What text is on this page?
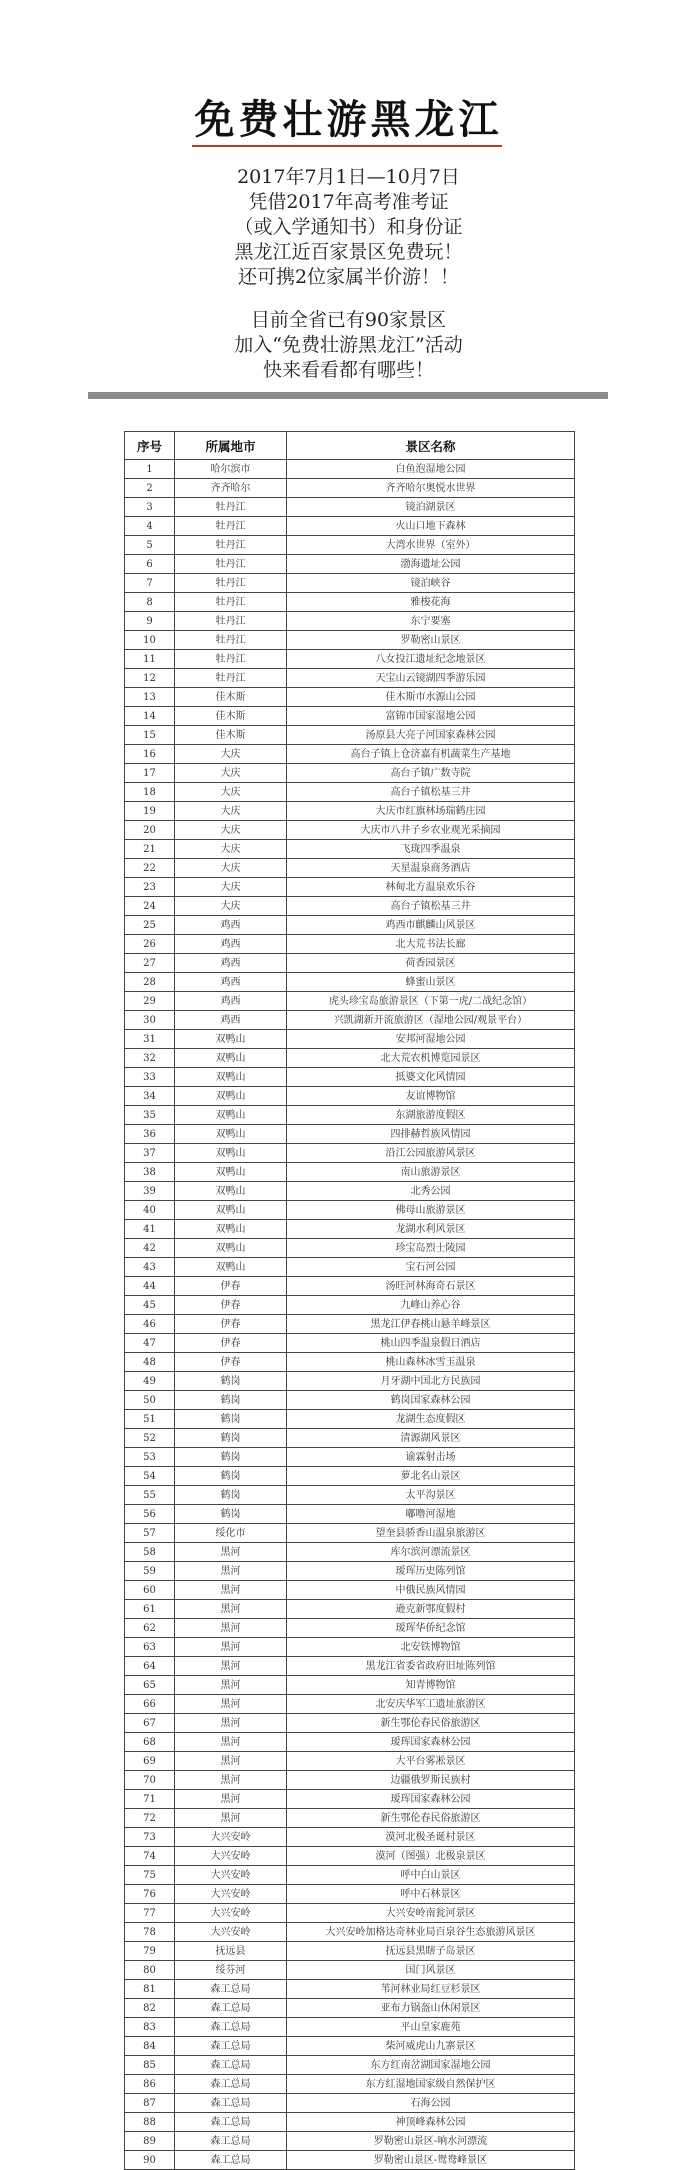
免费壮游黑龙江

2017年7月1日—10月7日

凭借2017年高考准考证

（或入学通知书）和身份证

黑龙江近百家景区免费玩！

还可携2位家属半价游！！

目前全省已有90家景区

加入“免费壮游黑龙江”活动

快来看看都有哪些！

序号	所属地市	景区名称
1	哈尔滨市	白鱼泡湿地公园
2	齐齐哈尔	齐齐哈尔奥悦水世界
3	牡丹江	镜泊湖景区
4	牡丹江	火山口地下森林
5	牡丹江	大湾水世界（室外）
6	牡丹江	渤海遗址公园
7	牡丹江	镜泊峡谷
8	牡丹江	雅梭花海
9	牡丹江	东宁要塞
10	牡丹江	罗勒密山景区
11	牡丹江	八女投江遗址纪念地景区
12	牡丹江	天宝山云镜湖四季游乐园
13	佳木斯	佳木斯市水源山公园
14	佳木斯	富锦市国家湿地公园
15	佳木斯	汤原县大亮子河国家森林公园
16	大庆	高台子镇上仓济嘉有机蔬菜生产基地
17	大庆	高台子镇广数寺院
18	大庆	高台子镇松基三井
19	大庆	大庆市红旗林场瑞鹤庄园
20	大庆	大庆市八井子乡农业观光采摘园
21	大庆	飞珑四季温泉
22	大庆	天星温泉商务酒店
23	大庆	林甸北方温泉欢乐谷
24	大庆	高台子镇松基三井
25	鸡西	鸡西市麒麟山风景区
26	鸡西	北大荒书法长廊
27	鸡西	荷香园景区
28	鸡西	蜂蜜山景区
29	鸡西	虎头珍宝岛旅游景区（下第一虎/二战纪念馆）
30	鸡西	兴凯湖新开流旅游区（湿地公园/观景平台）
31	双鸭山	安邦河湿地公园
32	双鸭山	北大荒农机博览园景区
33	双鸭山	抵婆文化风情园
34	双鸭山	友谊博物馆
35	双鸭山	东湖旅游度假区
36	双鸭山	四排赫哲族风情园
37	双鸭山	沿江公园旅游风景区
38	双鸭山	南山旅游景区
39	双鸭山	北秀公园
40	双鸭山	佛母山旅游景区
41	双鸭山	龙湖水利风景区
42	双鸭山	珍宝岛烈士陵园
43	双鸭山	宝石河公园
44	伊春	汤旺河林海奇石景区
45	伊春	九峰山养心谷
46	伊春	黑龙江伊春桃山悬羊峰景区
47	伊春	桃山四季温泉假日酒店
48	伊春	桃山森林冰雪玉温泉
49	鹤岗	月牙湖中国北方民族园
50	鹤岗	鹤岗国家森林公园
51	鹤岗	龙湖生态度假区
52	鹤岗	清源湖风景区
53	鹤岗	谕霖射击场
54	鹤岗	萝北名山景区
55	鹤岗	太平沟景区
56	鹤岗	嘟噜河湿地
57	绥化市	望奎县骄香山温泉旅游区
58	黑河	库尔滨河漂流景区
59	黑河	瑷珲历史陈列馆
60	黑河	中俄民族风情园
61	黑河	逊克新鄂度假村
62	黑河	瑷珲华侨纪念馆
63	黑河	北安铁博物馆
64	黑河	黑龙江省委省政府旧址陈列馆
65	黑河	知青博物馆
66	黑河	北安庆华军工遗址旅游区
67	黑河	新生鄂伦春民俗旅游区
68	黑河	瑷珲国家森林公园
69	黑河	大平台雾凇景区
70	黑河	边疆俄罗斯民族村
71	黑河	瑷珲国家森林公园
72	黑河	新生鄂伦春民俗旅游区
73	大兴安岭	漠河北极圣诞村景区
74	大兴安岭	漠河（图强）北极泉景区
75	大兴安岭	呼中白山景区
76	大兴安岭	呼中石林景区
77	大兴安岭	大兴安岭南瓮河景区
78	大兴安岭	大兴安岭加格达奇林业局百泉谷生态旅游风景区
79	抚远县	抚远县黑瞎子岛景区
80	绥芬河	国门风景区
81	森工总局	苇河林业局红豆杉景区
82	森工总局	亚布力锅盔山休闲景区
83	森工总局	平山皇家鹿苑
84	森工总局	柴河威虎山九寨景区
85	森工总局	东方红南岔湖国家湿地公园
86	森工总局	东方红湿地国家级自然保护区
87	森工总局	石海公园
88	森工总局	神顶峰森林公园
89	森工总局	罗勒密山景区-响水河漂流
90	森工总局	罗勒密山景区-鸳鸯峰景区
